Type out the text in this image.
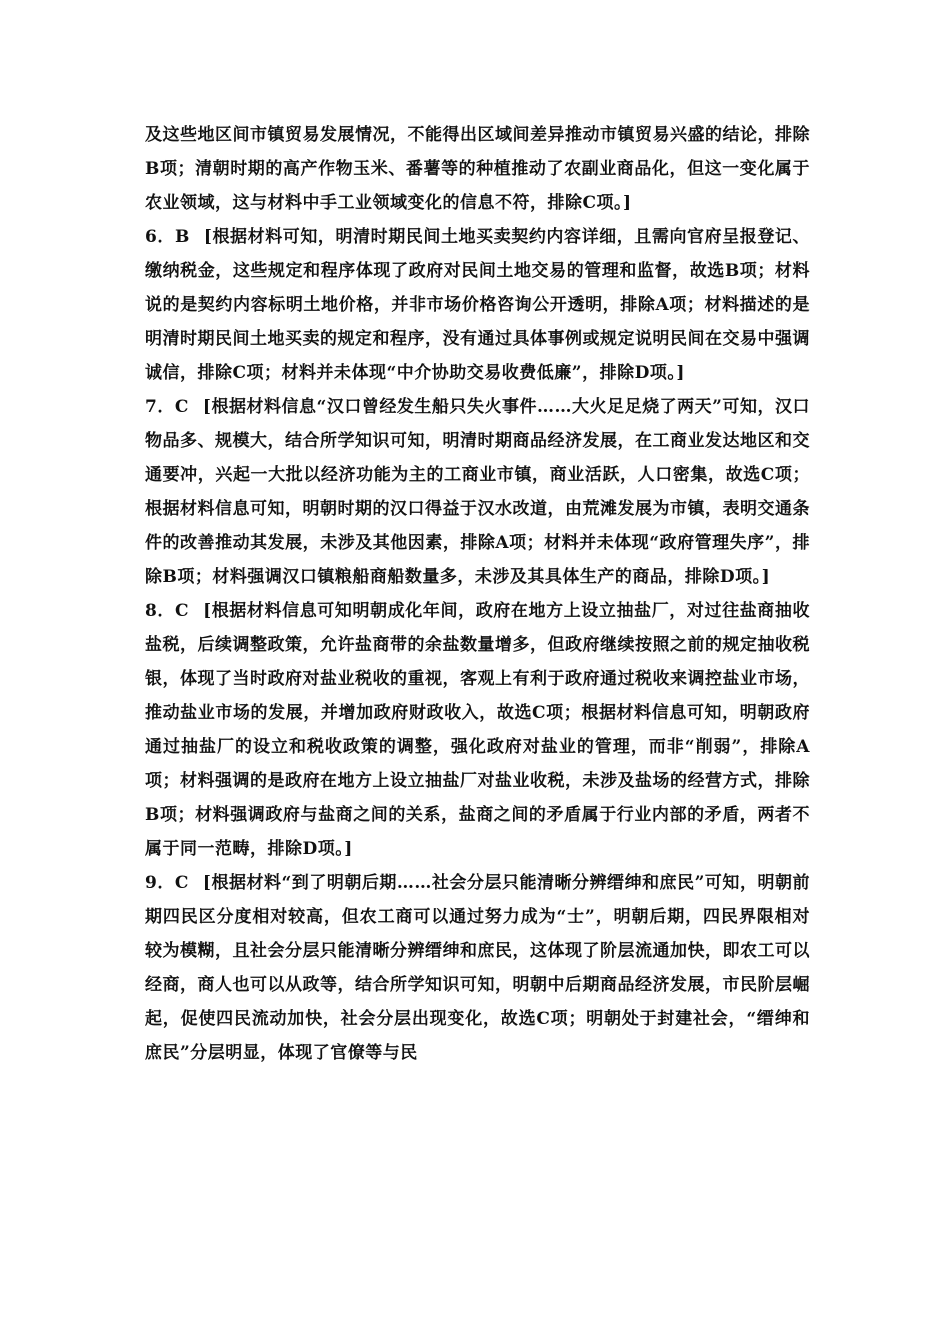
及这些地区间市镇贸易发展情况，不能得出区域间差异推动市镇贸易兴盛的结论，排除B项；清朝时期的高产作物玉米、番薯等的种植推动了农副业商品化，但这一变化属于农业领域，这与材料中手工业领域变化的信息不符，排除C项。]

6．B [根据材料可知，明清时期民间土地买卖契约内容详细，且需向官府呈报登记、缴纳税金，这些规定和程序体现了政府对民间土地交易的管理和监督，故选B项；材料说的是契约内容标明土地价格，并非市场价格咨询公开透明，排除A项；材料描述的是明清时期民间土地买卖的规定和程序，没有通过具体事例或规定说明民间在交易中强调诚信，排除C项；材料并未体现“中介协助交易收费低廉”，排除D项。]

7．C [根据材料信息“汉口曾经发生船只失火事件……大火足足烧了两天”可知，汉口物品多、规模大，结合所学知识可知，明清时期商品经济发展，在工商业发达地区和交通要冲，兴起一大批以经济功能为主的工商业市镇，商业活跃，人口密集，故选C项；根据材料信息可知，明朝时期的汉口得益于汉水改道，由荒滩发展为市镇，表明交通条件的改善推动其发展，未涉及其他因素，排除A项；材料并未体现“政府管理失序”，排除B项；材料强调汉口镇粮船商船数量多，未涉及其具体生产的商品，排除D项。]

8．C [根据材料信息可知明朝成化年间，政府在地方上设立抽盐厂，对过往盐商抽收盐税，后续调整政策，允许盐商带的余盐数量增多，但政府继续按照之前的规定抽收税银，体现了当时政府对盐业税收的重视，客观上有利于政府通过税收来调控盐业市场，推动盐业市场的发展，并增加政府财政收入，故选C项；根据材料信息可知，明朝政府通过抽盐厂的设立和税收政策的调整，强化政府对盐业的管理，而非“削弱”，排除A项；材料强调的是政府在地方上设立抽盐厂对盐业收税，未涉及盐场的经营方式，排除B项；材料强调政府与盐商之间的关系，盐商之间的矛盾属于行业内部的矛盾，两者不属于同一范畴，排除D项。]

9．C [根据材料“到了明朝后期……社会分层只能清晰分辨缙绅和庶民”可知，明朝前期四民区分度相对较高，但农工商可以通过努力成为“士”，明朝后期，四民界限相对较为模糊，且社会分层只能清晰分辨缙绅和庶民，这体现了阶层流通加快，即农工可以经商，商人也可以从政等，结合所学知识可知，明朝中后期商品经济发展，市民阶层崛起，促使四民流动加快，社会分层出现变化，故选C项；明朝处于封建社会，“缙绅和庶民”分层明显，体现了官僚等与民
